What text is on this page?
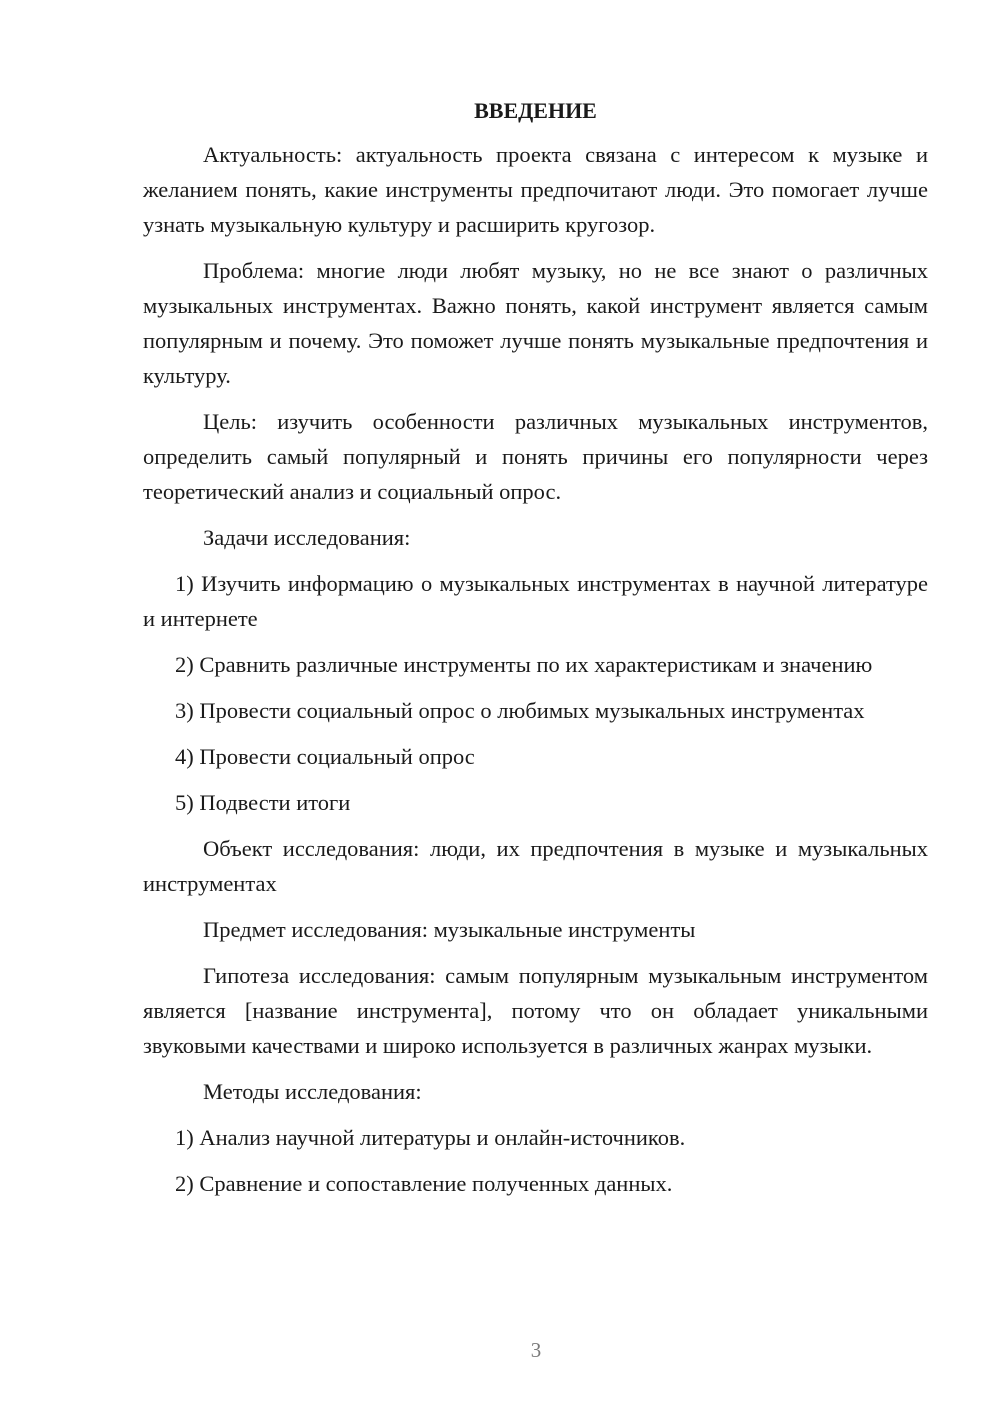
ВВЕДЕНИЕ

Актуальность: актуальность проекта связана с интересом к музыке и желанием понять, какие инструменты предпочитают люди. Это помогает лучше узнать музыкальную культуру и расширить кругозор.

Проблема: многие люди любят музыку, но не все знают о различных музыкальных инструментах. Важно понять, какой инструмент является самым популярным и почему. Это поможет лучше понять музыкальные предпочтения и культуру.

Цель: изучить особенности различных музыкальных инструментов, определить самый популярный и понять причины его популярности через теоретический анализ и социальный опрос.

Задачи исследования:

1) Изучить информацию о музыкальных инструментах в научной литературе и интернете

2) Сравнить различные инструменты по их характеристикам и значению

3) Провести социальный опрос о любимых музыкальных инструментах

4) Провести социальный опрос

5) Подвести итоги

Объект исследования: люди, их предпочтения в музыке и музыкальных инструментах

Предмет исследования: музыкальные инструменты

Гипотеза исследования: самым популярным музыкальным инструментом является [название инструмента], потому что он обладает уникальными звуковыми качествами и широко используется в различных жанрах музыки.

Методы исследования:

1) Анализ научной литературы и онлайн-источников.

2) Сравнение и сопоставление полученных данных.

3
